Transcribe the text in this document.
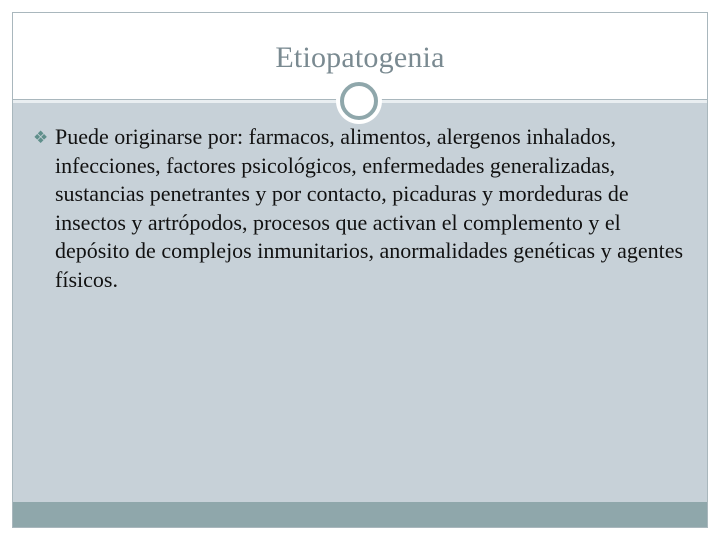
Etiopatogenia
❖ Puede originarse por: farmacos, alimentos, alergenos inhalados, infecciones, factores psicológicos, enfermedades generalizadas, sustancias penetrantes y por contacto, picaduras y mordeduras de insectos y artrópodos, procesos que activan el complemento y el depósito de complejos inmunitarios, anormalidades genéticas y agentes físicos.
